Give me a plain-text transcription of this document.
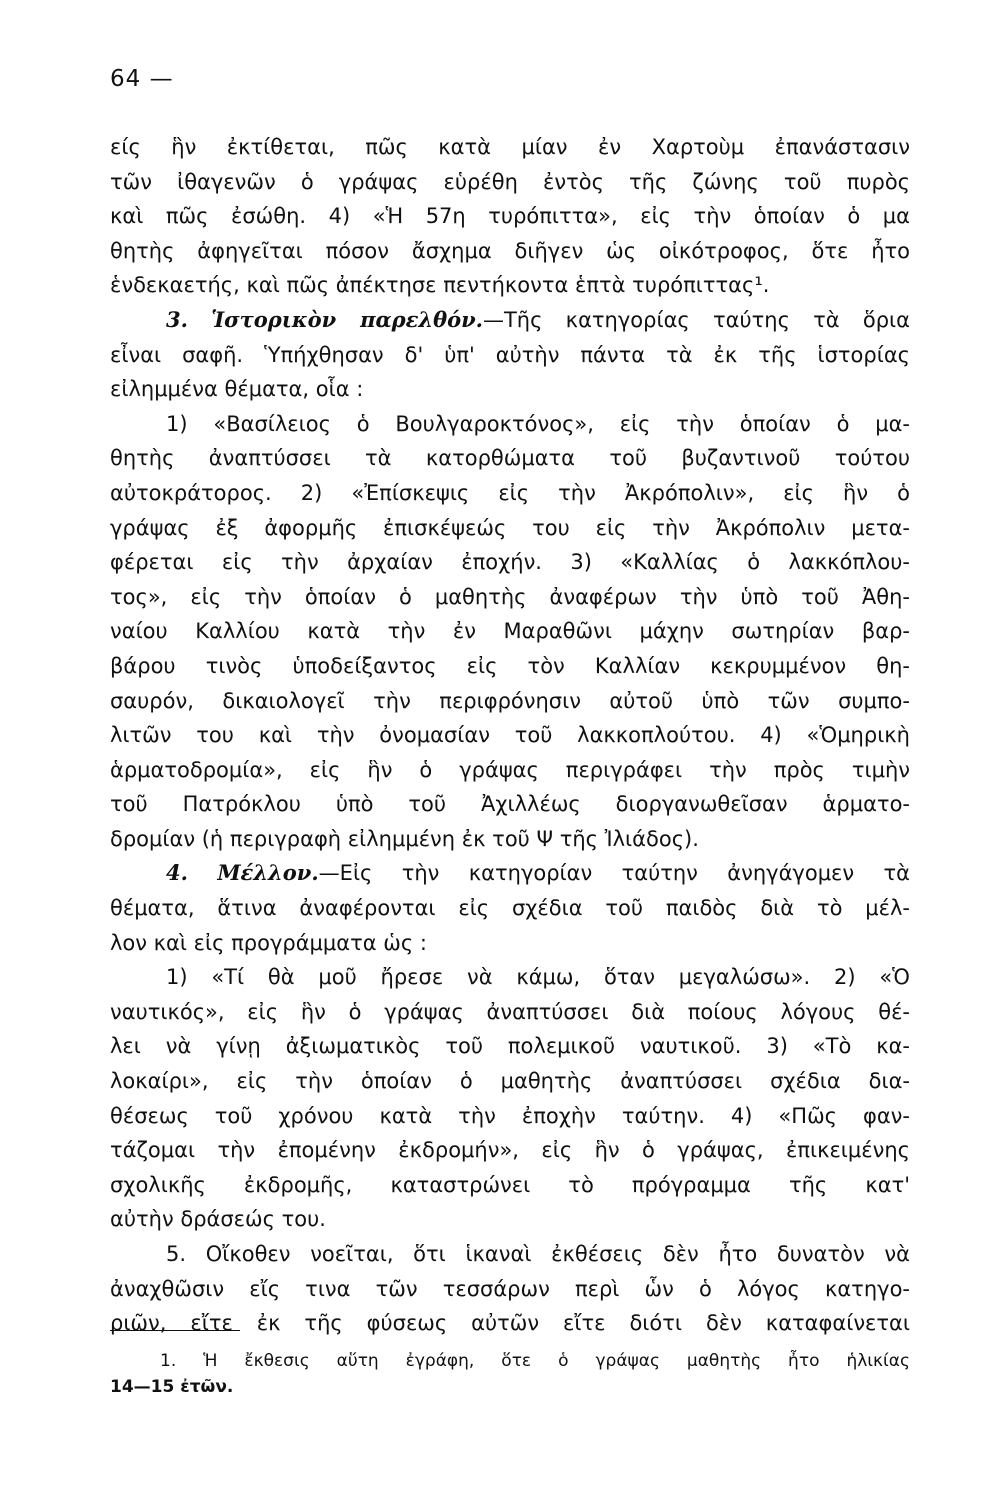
64 —
είς ἣν ἐκτίθεται, πῶς κατὰ μίαν ἐν Χαρτοὺμ ἐπανάστασιν
τῶν ἰθαγενῶν ὁ γράψας εὑρέθη ἐντὸς τῆς ζώνης τοῦ πυρὸς
καὶ πῶς ἐσώθη. 4) «Ἡ 57η τυρόπιττα», εἰς τὴν ὁποίαν ὁ μα
θητὴς ἀφηγεῖται πόσον ἄσχημα διῆγεν ὡς οἰκότροφος, ὅτε ἦτο
ἑνδεκαετής, καὶ πῶς ἀπέκτησε πεντήκοντα ἑπτὰ τυρόπιττας¹.
3. Ἱστορικὸν παρελθόν.—Τῆς κατηγορίας ταύτης τὰ ὅρια
εἶναι σαφῆ. Ὑπήχθησαν δ' ὑπ' αὐτὴν πάντα τὰ ἐκ τῆς ἱστορίας
εἰλημμένα θέματα, οἷα :
1) «Βασίλειος ὁ Βουλγαροκτόνος», εἰς τὴν ὁποίαν ὁ μα-
θητὴς ἀναπτύσσει τὰ κατορθώματα τοῦ βυζαντινοῦ τούτου
αὐτοκράτορος. 2) «Ἐπίσκεψις εἰς τὴν Ἀκρόπολιν», εἰς ἣν ὁ
γράψας ἐξ ἀφορμῆς ἐπισκέψεώς του εἰς τὴν Ἀκρόπολιν μετα-
φέρεται εἰς τὴν ἀρχαίαν ἐποχήν. 3) «Καλλίας ὁ λακκόπλου-
τος», εἰς τὴν ὁποίαν ὁ μαθητὴς ἀναφέρων τὴν ὑπὸ τοῦ Ἀθη-
ναίου Καλλίου κατὰ τὴν ἐν Μαραθῶνι μάχην σωτηρίαν βαρ-
βάρου τινὸς ὑποδείξαντος εἰς τὸν Καλλίαν κεκρυμμένον θη-
σαυρόν, δικαιολογεῖ τὴν περιφρόνησιν αὐτοῦ ὑπὸ τῶν συμπο-
λιτῶν του καὶ τὴν ὀνομασίαν τοῦ λακκοπλούτου. 4) «Ὁμηρικὴ
ἁρματοδρομία», εἰς ἣν ὁ γράψας περιγράφει τὴν πρὸς τιμὴν
τοῦ Πατρόκλου ὑπὸ τοῦ Ἀχιλλέως διοργανωθεῖσαν ἁρματο-
δρομίαν (ἡ περιγραφὴ εἰλημμένη ἐκ τοῦ Ψ τῆς Ἰλιάδος).
4. Μέλλον.—Εἰς τὴν κατηγορίαν ταύτην ἀνηγάγομεν τὰ
θέματα, ἅτινα ἀναφέρονται εἰς σχέδια τοῦ παιδὸς διὰ τὸ μέλ-
λον καὶ εἰς προγράμματα ὡς :
1) «Τί θὰ μοῦ ἤρεσε νὰ κάμω, ὅταν μεγαλώσω». 2) «Ὁ
ναυτικός», εἰς ἣν ὁ γράψας ἀναπτύσσει διὰ ποίους λόγους θέ-
λει νὰ γίνῃ ἀξιωματικὸς τοῦ πολεμικοῦ ναυτικοῦ. 3) «Τὸ κα-
λοκαίρι», εἰς τὴν ὁποίαν ὁ μαθητὴς ἀναπτύσσει σχέδια δια-
θέσεως τοῦ χρόνου κατὰ τὴν ἐποχὴν ταύτην. 4) «Πῶς φαν-
τάζομαι τὴν ἐπομένην ἐκδρομήν», εἰς ἣν ὁ γράψας, ἐπικειμένης
σχολικῆς ἐκδρομῆς, καταστρώνει τὸ πρόγραμμα τῆς κατ'
αὐτὴν δράσεώς του.
5. Οἴκοθεν νοεῖται, ὅτι ἱκαναὶ ἐκθέσεις δὲν ἦτο δυνατὸν νὰ
ἀναχθῶσιν εἴς τινα τῶν τεσσάρων περὶ ὧν ὁ λόγος κατηγο-
ριῶν, εἴτε ἐκ τῆς φύσεως αὐτῶν εἴτε διότι δὲν καταφαίνεται
1. Ἡ ἔκθεσις αὕτη ἐγράφη, ὅτε ὁ γράψας μαθητὴς ἦτο ἡλικίας
14—15 ἐτῶν.
